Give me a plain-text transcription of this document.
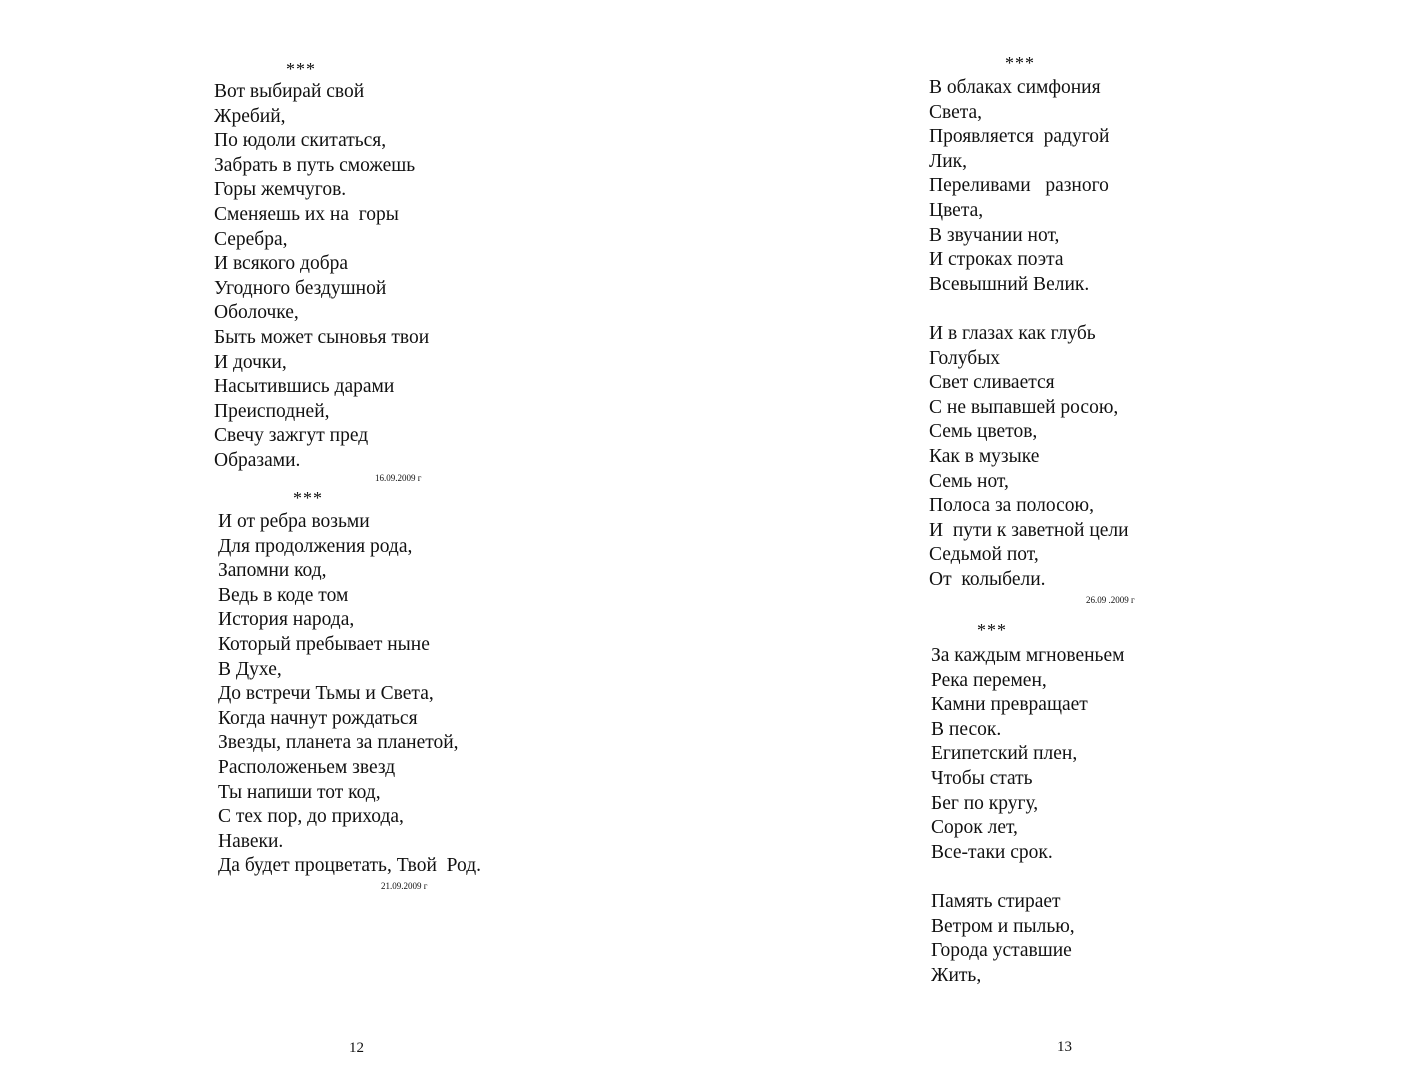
***
Вот выбирай свой
Жребий,
По юдоли скитаться,
Забрать в путь сможешь
Горы жемчугов.
Сменяешь их на  горы
Серебра,
И всякого добра
Угодного бездушной
Оболочке,
Быть может сыновья твои
И дочки,
Насытившись дарами
Преисподней,
Свечу зажгут пред
Образами.
16.09.2009 г
***
И от ребра возьми
Для продолжения рода,
Запомни код,
Ведь в коде том
История народа,
Который пребывает ныне
В Духе,
До встречи Тьмы и Света,
Когда начнут рождаться
Звезды, планета за планетой,
Расположеньем звезд
Ты напиши тот код,
С тех пор, до прихода,
Навеки.
Да будет процветать, Твой  Род.
21.09.2009 г
12
***
В облаках симфония
Света,
Проявляется  радугой
Лик,
Переливами   разного
Цвета,
В звучании нот,
И строках поэта
Всевышний Велик.
И в глазах как глубь
Голубых
Свет сливается
С не выпавшей росою,
Семь цветов,
Как в музыке
Семь нот,
Полоса за полосою,
И  пути к заветной цели
Седьмой пот,
От  колыбели.
26.09 .2009 г
***
За каждым мгновеньем
Река перемен,
Камни превращает
В песок.
Египетский плен,
Чтобы стать
Бег по кругу,
Сорок лет,
Все-таки срок.
Память стирает
Ветром и пылью,
Города уставшие
Жить,
13
